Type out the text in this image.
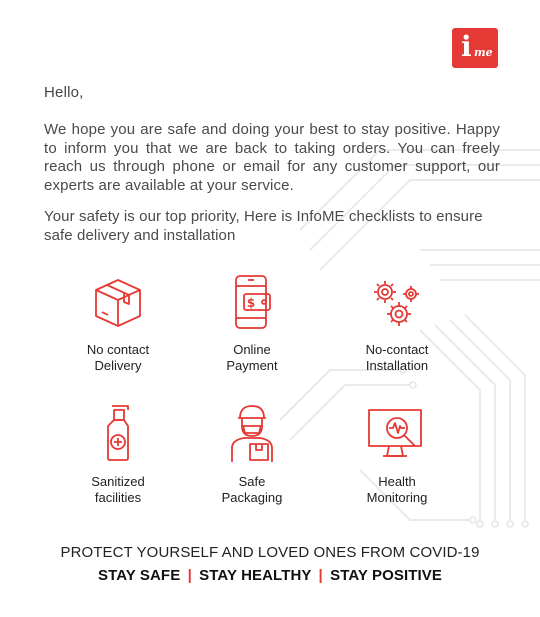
i me
Hello,

We hope you are safe and doing your best to stay positive. Happy to inform you that we are back to taking orders. You can freely reach us through phone or email for any customer support, our experts are available at your service.

Your safety is our top priority, Here is InfoME checklists to ensure safe delivery and installation

No contact
Delivery
$
Online
Payment
No-contact
Installation
Sanitized
facilities
Safe
Packaging
Health
Monitoring
PROTECT YOURSELF AND LOVED ONES FROM COVID-19
STAY SAFE | STAY HEALTHY | STAY POSITIVE
